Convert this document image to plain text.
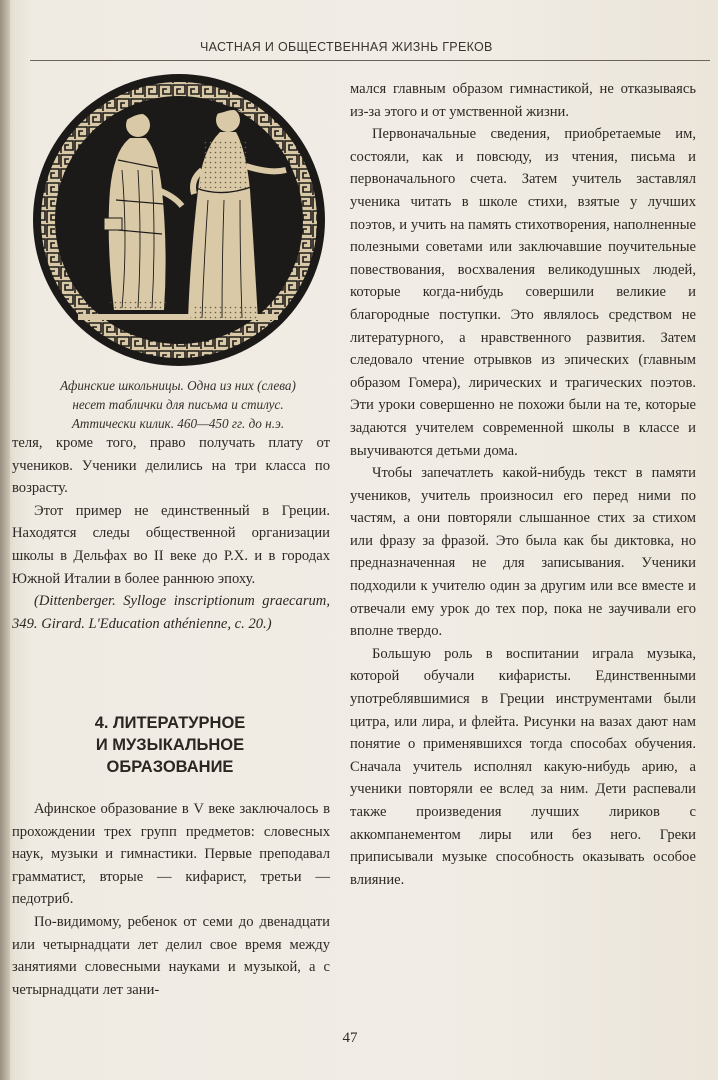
ЧАСТНАЯ И ОБЩЕСТВЕННАЯ ЖИЗНЬ ГРЕКОВ
Афинские школьницы. Одна из них (слева)
несет таблички для письма и стилус.
Аттически килик. 460—450 гг. до н.э.

теля, кроме того, право получать плату от учеников. Ученики делились на три класса по возрасту.

Этот пример не единственный в Греции. Находятся следы общественной организации школы в Дельфах во II веке до Р.Х. и в городах Южной Италии в более раннюю эпоху.

(Dittenberger. Sylloge inscriptionum graecarum, 349. Girard. L'Education athénienne, c. 20.)

4. ЛИТЕРАТУРНОЕ
И МУЗЫКАЛЬНОЕ
ОБРАЗОВАНИЕ

Афинское образование в V веке заключалось в прохождении трех групп предметов: словесных наук, музыки и гимнастики. Первые преподавал грамматист, вторые — кифарист, третьи — педотриб.

По-видимому, ребенок от семи до двенадцати или четырнадцати лет делил свое время между занятиями словесными науками и музыкой, а с четырнадцати лет зани-

мался главным образом гимнастикой, не отказываясь из-за этого и от умственной жизни.

Первоначальные сведения, приобретаемые им, состояли, как и повсюду, из чтения, письма и первоначального счета. Затем учитель заставлял ученика читать в школе стихи, взятые у лучших поэтов, и учить на память стихотворения, наполненные полезными советами или заключавшие поучительные повествования, восхваления великодушных людей, которые когда-нибудь совершили великие и благородные поступки. Это являлось средством не литературного, а нравственного развития. Затем следовало чтение отрывков из эпических (главным образом Гомера), лирических и трагических поэтов. Эти уроки совершенно не похожи были на те, которые задаются учителем современной школы в классе и выучиваются детьми дома.

Чтобы запечатлеть какой-нибудь текст в памяти учеников, учитель произносил его перед ними по частям, а они повторяли слышанное стих за стихом или фразу за фразой. Это была как бы диктовка, но предназначенная не для записывания. Ученики подходили к учителю один за другим или все вместе и отвечали ему урок до тех пор, пока не заучивали его вполне твердо.

Большую роль в воспитании играла музыка, которой обучали кифаристы. Единственными употреблявшимися в Греции инструментами были цитра, или лира, и флейта. Рисунки на вазах дают нам понятие о применявшихся тогда способах обучения. Сначала учитель исполнял какую-нибудь арию, а ученики повторяли ее вслед за ним. Дети распевали также произведения лучших лириков с аккомпанементом лиры или без него. Греки приписывали музыке способность оказывать особое влияние.

47
